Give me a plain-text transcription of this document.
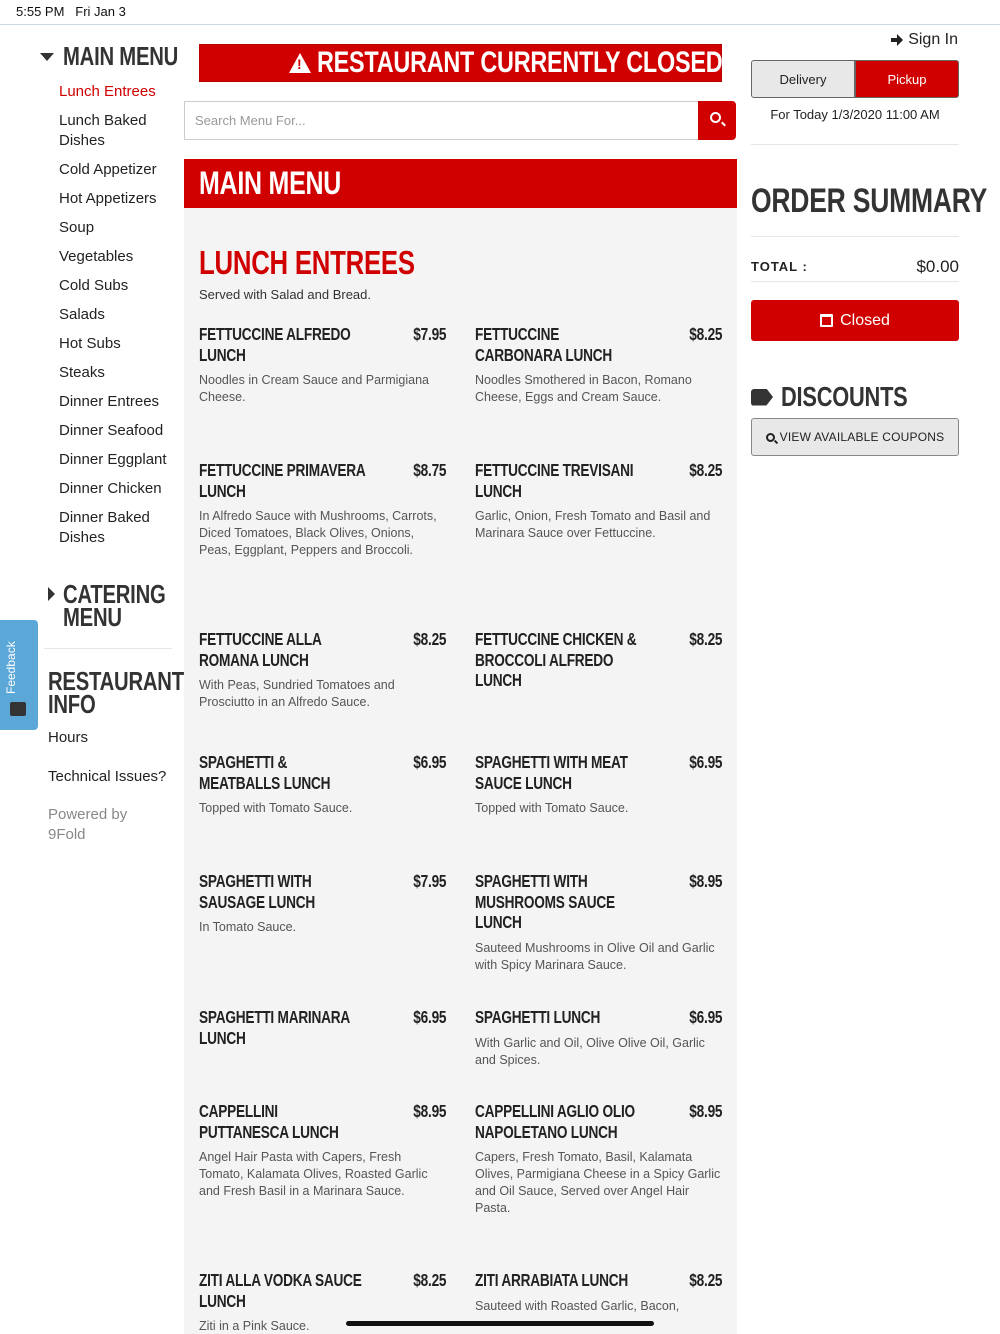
5:55 PM Fri Jan 3
MAIN MENU
Lunch Entrees
Lunch Baked Dishes
Cold Appetizer
Hot Appetizers
Soup
Vegetables
Cold Subs
Salads
Hot Subs
Steaks
Dinner Entrees
Dinner Seafood
Dinner Eggplant
Dinner Chicken
Dinner Baked Dishes
CATERING
MENU
RESTAURANT
INFO
Hours
Technical Issues?
Powered by
9Fold
Feedback
!
RESTAURANT CURRENTLY CLOSED
Search Menu For...
MAIN MENU
LUNCH ENTREES
Served with Salad and Bread.
FETTUCCINE ALFREDO LUNCH
$7.95
Noodles in Cream Sauce and Parmigiana Cheese.
FETTUCCINE CARBONARA LUNCH
$8.25
Noodles Smothered in Bacon, Romano Cheese, Eggs and Cream Sauce.
FETTUCCINE PRIMAVERA LUNCH
$8.75
In Alfredo Sauce with Mushrooms, Carrots, Diced Tomatoes, Black Olives, Onions, Peas, Eggplant, Peppers and Broccoli.
FETTUCCINE TREVISANI LUNCH
$8.25
Garlic, Onion, Fresh Tomato and Basil and Marinara Sauce over Fettuccine.
FETTUCCINE ALLA ROMANA LUNCH
$8.25
With Peas, Sundried Tomatoes and Prosciutto in an Alfredo Sauce.
FETTUCCINE CHICKEN & BROCCOLI ALFREDO LUNCH
$8.25
SPAGHETTI & MEATBALLS LUNCH
$6.95
Topped with Tomato Sauce.
SPAGHETTI WITH MEAT SAUCE LUNCH
$6.95
Topped with Tomato Sauce.
SPAGHETTI WITH SAUSAGE LUNCH
$7.95
In Tomato Sauce.
SPAGHETTI WITH MUSHROOMS SAUCE LUNCH
$8.95
Sauteed Mushrooms in Olive Oil and Garlic with Spicy Marinara Sauce.
SPAGHETTI MARINARA LUNCH
$6.95 SPAGHETTI LUNCH	$6.95
With Garlic and Oil, Olive Olive Oil, Garlic and Spices.
CAPPELLINI PUTTANESCA LUNCH
$8.95
Angel Hair Pasta with Capers, Fresh Tomato, Kalamata Olives, Roasted Garlic and Fresh Basil in a Marinara Sauce.
CAPPELLINI AGLIO OLIO NAPOLETANO LUNCH
$8.95
Capers, Fresh Tomato, Basil, Kalamata Olives, Parmigiana Cheese in a Spicy Garlic and Oil Sauce, Served over Angel Hair Pasta.
ZITI ALLA VODKA SAUCE LUNCH
$8.25
Ziti in a Pink Sauce.
ZITI ARRABIATA LUNCH	$8.25
Sauteed with Roasted Garlic, Bacon,
Sign In
Delivery	Pickup
For Today 1/3/2020 11:00 AM
ORDER SUMMARY
TOTAL :	$0.00
Closed
DISCOUNTS
VIEW AVAILABLE COUPONS
